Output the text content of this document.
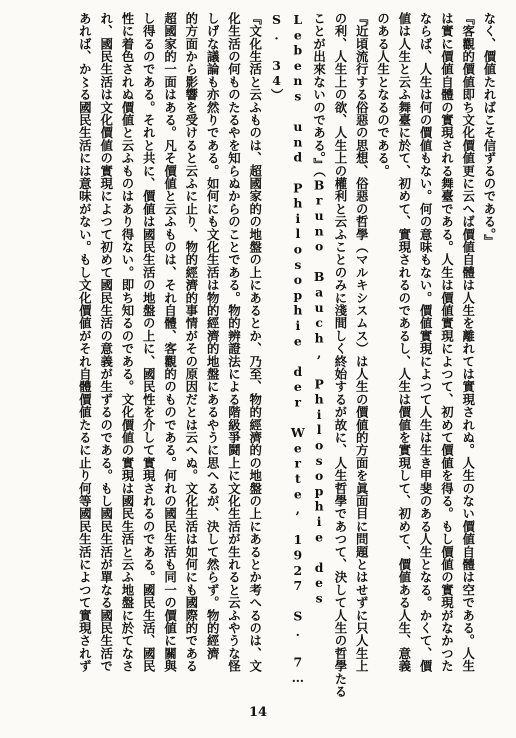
なく、價値たればこそ信ずるのである。』

『客觀的價値即ち文化價値更に云へば價値自體は人生を離れては實現されぬ。人生のない價値自體は空である。人生

は實に價値自體の實現される舞臺である。人生は價値實現によつて、初めて價値を得る。もし價値の實現がなかつた

ならば、人生は何の價値もない。何の意味もない。價値實現によつて人生は生き甲斐のある人生となる。かくて、價

値は人生と云ふ舞臺に於て、初めて、實現されるのであるし、人生は價値を實現して、初めて、價値ある人生、意義

のある人生となるのである。

『近頃流行する俗惡の思想、俗惡の哲學（マルキシスムス）は人生の價値的方面を眞面目に問題とはせずに只人生上

の利、人生上の欲、人生上の權利と云ふことのみに淺間しく終始するが故に、人生哲學であつて、決して人生の哲學たる

ことが出來ないのである。』（Bruno Bauch, Philosophie des Lebens und Philosophie der Werte, 1927 S. 7…S. 34）

『文化生活と云ふものは、超國家的の地盤の上にあるとか、乃至、物的經濟的の地盤の上にあるとか考へるのは、文

化生活の何ものたるやを知らぬからのことである。物的辨證法による階級爭鬪上に文化生活が生れると云ふやうな怪

しげな議論も亦然りである。如何にも文化生活は物的經濟的地盤にあるやうに思へるが、決して然らず。物的經濟

的方面から影響を受けると云ふに止り、物的經濟的事情がその原因だとは云へぬ。文化生活は如何にも國際的である

超國家的一面はある。凡そ價値と云ふものは、それ自體、客觀的のものである。何れの國民生活も同一の價値に關與

し得るのである。それと共に、價値は國民生活の地盤の上に、國民性を介して實現されるのである。國民生活、國民

性に着色されぬ價値と云ふものはあり得ない。即ち知るのである。文化價値の實現は國民生活と云ふ地盤に於てなさ

れ、國民生活は文化價値の實現によつて初めて國民生活の意義が生ずるのである。もし國民生活が單なる國民生活で

あれば、か〻る國民生活には意味がない。もし文化價値がそれ自體價値たるに止り何等國民生活によつて實現されず

14
